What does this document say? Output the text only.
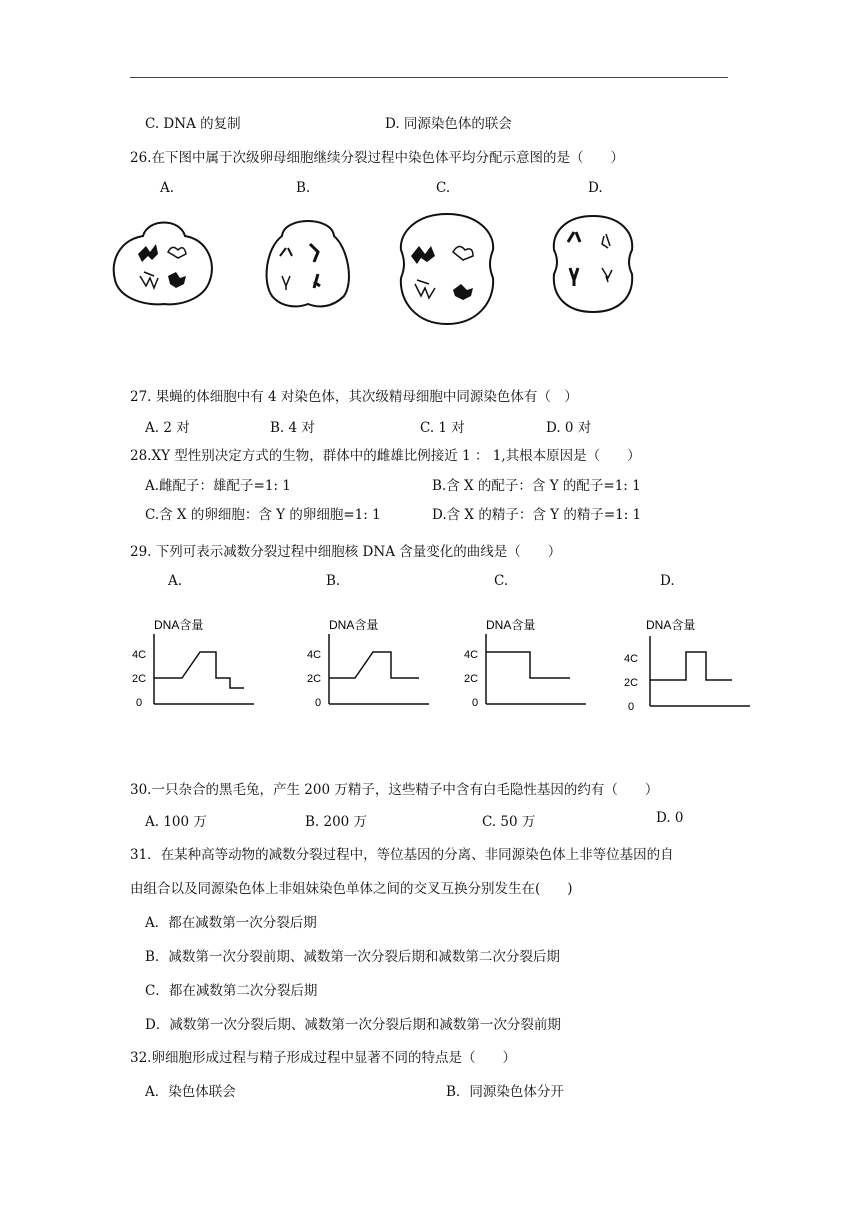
C. DNA 的复制	D. 同源染色体的联会
26.在下图中属于次级卵母细胞继续分裂过程中染色体平均分配示意图的是（　　）
A.	B.	C.	D.
27. 果蝇的体细胞中有 4 对染色体，其次级精母细胞中同源染色体有（　）
A. 2 对	B. 4 对	C. 1 对	D. 0 对
28.XY 型性别决定方式的生物，群体中的雌雄比例接近 1 ： 1,其根本原因是（　　）
A.雌配子：雄配子=1: 1	B.含 X 的配子：含 Y 的配子=1: 1
C.含 X 的卵细胞：含 Y 的卵细胞=1: 1	D.含 X 的精子：含 Y 的精子=1: 1
29. 下列可表示减数分裂过程中细胞核 DNA 含量变化的曲线是（　　）
A.	B.	C.	D.
DNA含量
4C
2C
0
DNA含量
4C
2C
0
DNA含量
4C
2C
0
DNA含量
4C
2C
0
30.一只杂合的黑毛兔，产生 200 万精子，这些精子中含有白毛隐性基因的约有（　　）
A. 100 万	B. 200 万	C. 50 万	D. 0
31．在某种高等动物的减数分裂过程中，等位基因的分离、非同源染色体上非等位基因的自
由组合以及同源染色体上非姐妹染色单体之间的交叉互换分别发生在(　　)
A．都在减数第一次分裂后期
B．减数第一次分裂前期、减数第一次分裂后期和减数第二次分裂后期
C．都在减数第二次分裂后期
D．减数第一次分裂后期、减数第一次分裂后期和减数第一次分裂前期
32.卵细胞形成过程与精子形成过程中显著不同的特点是（　　）
A．染色体联会	B．同源染色体分开
